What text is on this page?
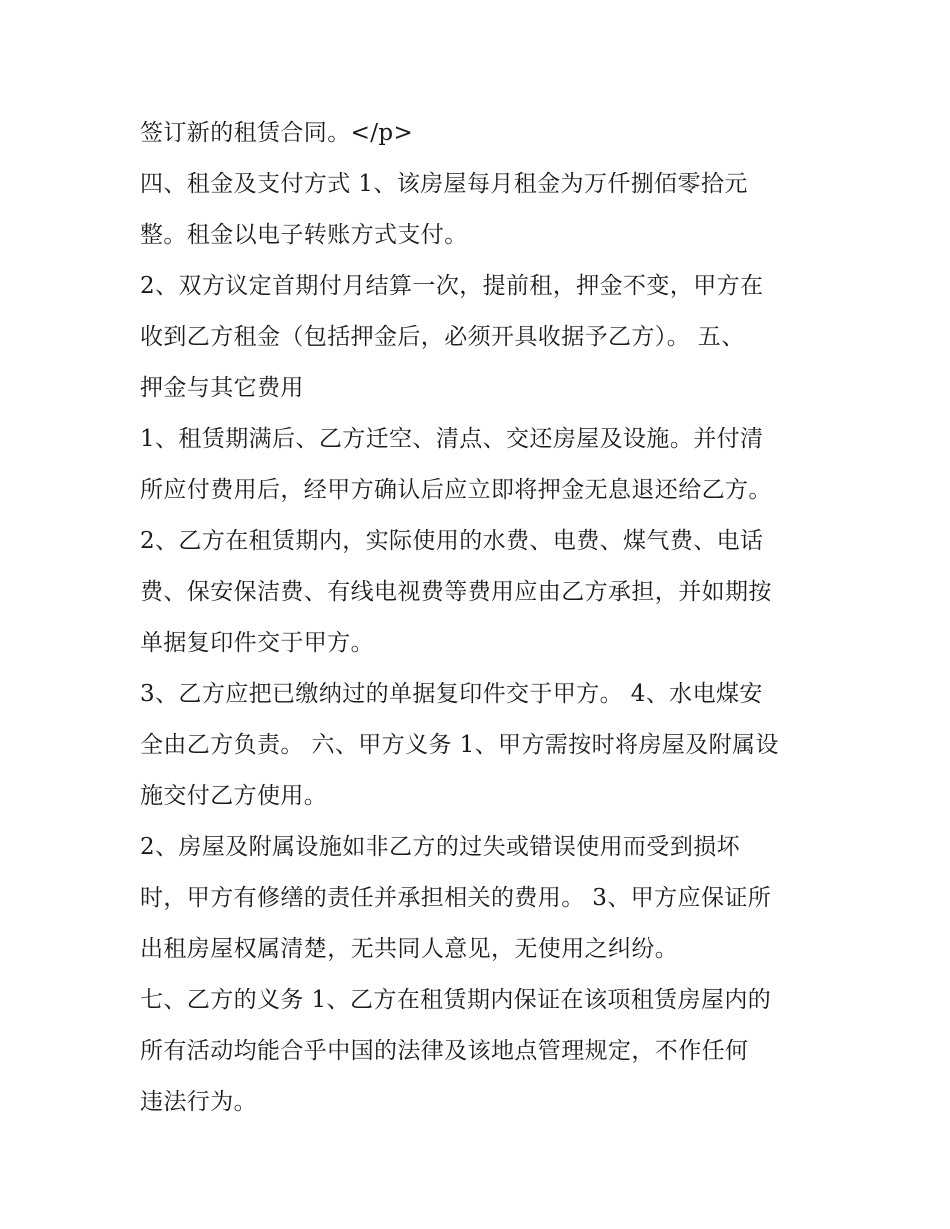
签订新的租赁合同。</p>
四、租金及支付方式 1、该房屋每月租金为万仟捌佰零拾元
整。租金以电子转账方式支付。
2、双方议定首期付月结算一次，提前租，押金不变，甲方在
收到乙方租金（包括押金后，必须开具收据予乙方）。 五、
押金与其它费用
1、租赁期满后、乙方迁空、清点、交还房屋及设施。并付清
所应付费用后，经甲方确认后应立即将押金无息退还给乙方。
2、乙方在租赁期内，实际使用的水费、电费、煤气费、电话
费、保安保洁费、有线电视费等费用应由乙方承担，并如期按
单据复印件交于甲方。
3、乙方应把已缴纳过的单据复印件交于甲方。 4、水电煤安
全由乙方负责。 六、甲方义务 1、甲方需按时将房屋及附属设
施交付乙方使用。
2、房屋及附属设施如非乙方的过失或错误使用而受到损坏
时，甲方有修缮的责任并承担相关的费用。 3、甲方应保证所
出租房屋权属清楚，无共同人意见，无使用之纠纷。
七、乙方的义务 1、乙方在租赁期内保证在该项租赁房屋内的
所有活动均能合乎中国的法律及该地点管理规定，不作任何
违法行为。
